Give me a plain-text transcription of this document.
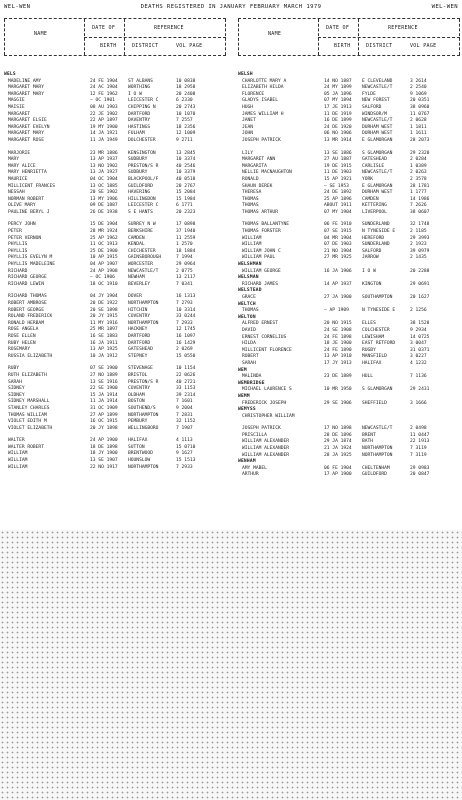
WEL-WEN	DEATHS REGISTERED IN JANUARY FEBRUARY MARCH 1979	WEL-WEN
NAME
DATE OF	REFERENCE
BIRTH	DISTRICT	VOL PAGE
WELS
MADELINE AMY	24 FE 1904 ST ALBANS	10 0838
MARGARET MARY	24 AC 1904 WORTHING	18 2958
MARGARET MARY	12 FE 1962 I O W	20 2408
MAGGIE	— OC 1901	LEICESTER C	6 2330
MAISIE	08 AU 1903 CHIPPING N	20 2743
MARGARET	22 JE 1902 DARTFORD	10 1070
MARGARET ELSIE	22 AP 1897 DAVENTRY	7 2557
MARGARET EVELYN	19 MY 1900 HASTINGS	18 2356
MARGARET MARY	14 JA 1921 FULHAM	12 1009
MARGARET ROSE	11 JA 1949 DOLCHESTER	9 2711
MARJORIE	23 MR 1886 KENSINGTON	13 2845
MARY	13 AP 1937 SUDBURY	10 3374
MARY ALICE	13 NO 1902 PRESTON/S R	40 2546
MARY HENRIETTA	13 JA 1927 SUDBURY	10 3379
MAURICE	04 OC 1904 BLACKPOOL/F	40 0518
MILLICENT FRANCES	13 OC 1885 GUILDFORD	20 2767
NESSAH	20 SE 1902 HAVERING	15 2084
NORMAN ROBERT	13 MY 1906 HILLINGDON	15 1984
OLIVE MARY	09 DE 1887 LEICESTER C	6 1771
PAULINE BERYL J	26 DE 1938 S E HANTS	20 2323
PERCY JOHN	15 DE 1904 SURREY N W	17 0898
PETER	28 MR 1924 BERKSHIRE	37 1940
PETER VERNON	25 AP 1962 CAMDEN	11 2559
PHYLLIS	11 OC 1913 KENDAL	1 2570
PHYLLIS	25 DE 1900 CHICHESTER	18 1884
PHYLLIS EVELYN M	10 AP 1915 GAINSBOROUGH	7 1994
PHYLLIS MADELEINE	04 AP 1907 WORCESTER	29 0964
RICHARD	24 AP 1908 NEWCASTLE/T	2 0775
RICHARD GEORGE	— OC 1906	NEWHAM	13 2117
RICHARD LEWIN	18 OC 1910 BEVERLEY	7 0341
RICHARD THOMAS	04 JY 1904 DOVER	16 1313
ROBERT AMBROSE	20 DE 1922 NORTHAMPTON	7 2793
ROBERT GEORGE	20 SE 1898 HITCHIN	10 3314
ROLAND FREDERICK	20 JY 1915 COVENTRY	33 0244
RONALD HERBAM	11 MY 1916 NORTHAMPTON	7 2933
ROSE ANGELA	25 MR 1897 HACKNEY	12 1745
ROSE ELLEN	16 SE 1883 DARTFORD	16 1097
RUBY HELEN	16 JA 1911 DARTFORD	16 1429
ROSEMARY	13 AP 1925 GATESHEAD	2 0269
RUSSIA ELIZABETH	10 JA 1912 STEPNEY	15 0550
RUBY	07 SE 1900 STEVENAGE	10 1154
RUTH ELIZABETH	27 NO 1889 BRISTOL	22 0626
SARAH	13 SE 1916 PRESTON/S R	40 2721
SIDNEY	22 SE 1900 COVENTRY	33 1153
SIDNEY	15 JA 1914 OLDHAM	39 2314
SIDNEY MARSHALL	11 JA 1914 BOSTON	7 1601
STANLEY CHARLES	31 OC 1909 SOUTHEND/S	9 2004
THOMAS WILLIAM	27 AP 1899 NORTHAMPTON	7 2831
VIOLET EDITH M	16 OC 1915 PEMBURY	32 1152
VIOLET ELIZABETH	20 JY 1898 WELLINGBORO	7 1907
WALTER	24 AP 1900 HALIFAX	4 1113
WALTER ROBERT	18 DE 1898 SUTTON	15 0710
WILLIAM	18 JY 1900 BRENTWOOD	9 1627
WILLIAM	13 SE 1907 HOUNSLOW	15 1513
WILLIAM	22 NO 1917 NORTHAMPTON	7 2933
NAME
DATE OF	REFERENCE
BIRTH	DISTRICT	VOL PAGE
WELSH
CHARLOTTE MARY A	14 NO 1887 E CLEVELAND	3 2614
ELIZABETH HILDA	24 MY 1899 NEWCASTLE/T	2 2540
FLORENCE	05 JA 1896 FYLDE	9 1069
GLADYS ISABEL	07 MY 1894 NEW FOREST	20 0351
HUGH	17 JE 1913 SALFORD	38 0960
JAMES WILLIAM H	11 DE 1919 WINDSOR/M	11 0767
JANET	16 DE 1899 NEWCASTLE/T	2 0628
JEAN	24 DE 1920 DURHAM WEST	1 1811
JOHN	06 NO 1906 DURHAM WEST	1 1611
JOSEPH PATRICK	13 MR 1914 E GLAMORGAN	28 2073
LILY	13 SE 1886 S GLAMORGAN	29 2320
MARGARET ANN	27 AU 1887 GATESHEAD	2 0284
MARGARITA	19 DE 1915 CARLISLE	1 0389
NELLIE MACNAUGHTON	11 DE 1903 NEWCASTLE/T	2 0263
RONALD	15 AP 1921 YORK	2 3578
SHAUN DEREK	— SE 1953	E GLAMORGAN	28 1781
THERESA	24 DE 1892 DURHAM WEST	1 1777
THOMAS	25 AP 1896 CAMDEN	14 1986
THOMAS	ABOUT 1911 KETTERING	7 2626
THOMAS ARTHUR	07 MY 1904 LIVERPOOL	38 0607
THOMAS BALLANTYNE	06 FE 1910 SUNDERLAND	32 1748
THOMAS FORSTER	07 SE 1915 N TYNESIDE E	2 1185
WILLIAM	04 MR 1904 HEREFORD	29 3993
WILLIAM	07 DE 1903 SUNDERLAND	2 1923
WILLIAM JOHN C	21 NO 1904 SALFORD	39 0979
WILLIAM PAUL	27 MR 1925 JARROW	2 1435
WELSHMAN
WILLIAM GEORGE	16 JA 1906 I O W	20 2288
WELSMAN
RICHARD JAMES	14 AP 1937 KINGTON	29 0691
WELSTEAD
GRACE	27 JA 1900 SOUTHAMPTON	20 1627
WELTCH
THOMAS	— AP 1909	N TYNESIDE E	2 1256
WELTON
ALFRED ERNEST	20 NO 1915 ELLES	38 1528
DAVID	24 SE 1908 COLCHESTER	9 2934
ERNEST CORNELIUS	24 FE 1898 LEWISHAM	14 0725
HILDA	18 JE 1900 EAST RETFORD	3 0047
MILLICENT FLORENCE	24 FE 1890 RUGBY	31 0371
ROBERT	13 AP 1910 MANSFIELD	3 0227
SARAH	17 JY 1913 HALIFAX	4 1232
WEM
MALINDA	23 DE 1889 HULL	7 1136
WEMBRIDGE
MICHAEL LAURENCE S	10 MR 1950 S GLAMORGAN	29 2431
WEMM
FREDERICK JOSEPH	29 SE 1906 SHEFFIELD	3 1666
WEMYSS
CHRISTOPHER WILLIAM
JOSEPH PATRICK	17 NO 1898 NEWCASTLE/T	2 0498
PRISCILLA	28 DE 1896 BRENT	11 0447
WILLIAM ALEXANDER	29 JA 1874 BATH	22 1913
WILLIAM ALEXANDER	21 JA 1924 NORTHAMPTON	7 3119
WILLIAM ALEXANDER	28 JA 1925 NORTHAMPTON	7 3119
WENHAM
AMY MABEL	06 FE 1904 CHELTENHAM	29 0983
ARTHUR	17 AP 1900 GUILDFORD	20 0847
